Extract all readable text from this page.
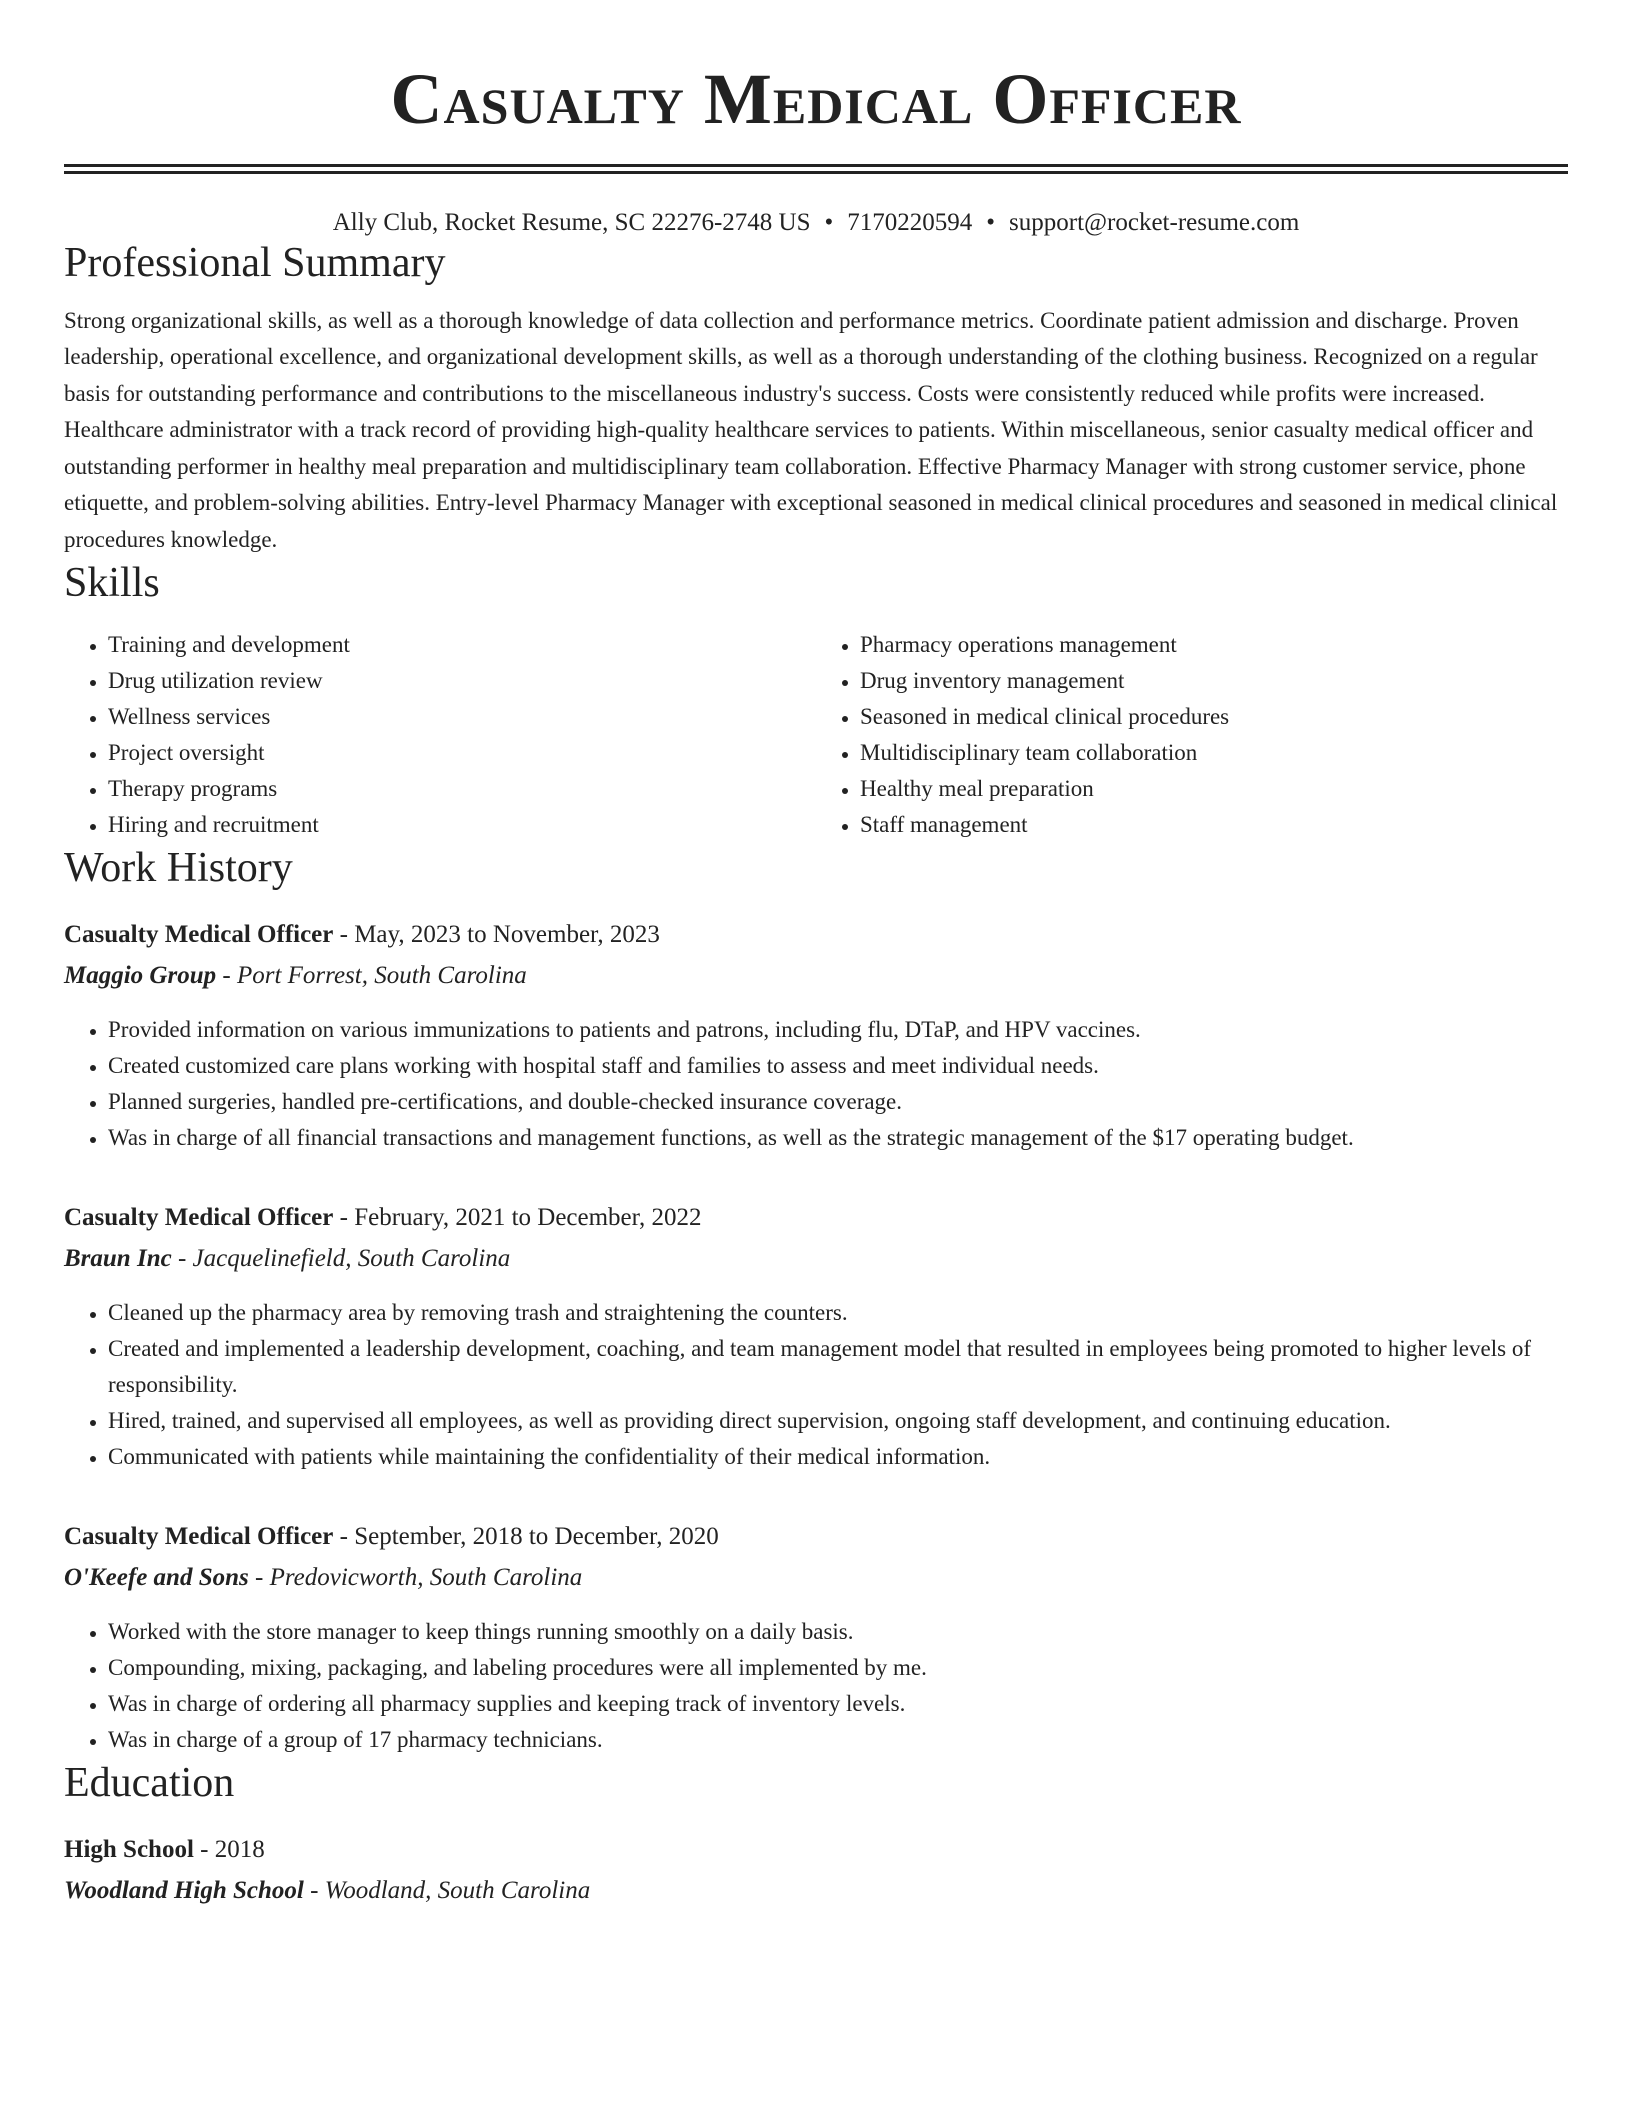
Casualty Medical Officer
Ally Club, Rocket Resume, SC 22276-2748 US • 7170220594 • support@rocket-resume.com
Professional Summary
Strong organizational skills, as well as a thorough knowledge of data collection and performance metrics. Coordinate patient admission and discharge. Proven leadership, operational excellence, and organizational development skills, as well as a thorough understanding of the clothing business. Recognized on a regular basis for outstanding performance and contributions to the miscellaneous industry's success. Costs were consistently reduced while profits were increased. Healthcare administrator with a track record of providing high-quality healthcare services to patients. Within miscellaneous, senior casualty medical officer and outstanding performer in healthy meal preparation and multidisciplinary team collaboration. Effective Pharmacy Manager with strong customer service, phone etiquette, and problem-solving abilities. Entry-level Pharmacy Manager with exceptional seasoned in medical clinical procedures and seasoned in medical clinical procedures knowledge.
Skills
• Training and development
• Drug utilization review
• Wellness services
• Project oversight
• Therapy programs
• Hiring and recruitment
• Pharmacy operations management
• Drug inventory management
• Seasoned in medical clinical procedures
• Multidisciplinary team collaboration
• Healthy meal preparation
• Staff management
Work History
Casualty Medical Officer - May, 2023 to November, 2023
Maggio Group - Port Forrest, South Carolina
• Provided information on various immunizations to patients and patrons, including flu, DTaP, and HPV vaccines.
• Created customized care plans working with hospital staff and families to assess and meet individual needs.
• Planned surgeries, handled pre-certifications, and double-checked insurance coverage.
• Was in charge of all financial transactions and management functions, as well as the strategic management of the $17 operating budget.
Casualty Medical Officer - February, 2021 to December, 2022
Braun Inc - Jacquelinefield, South Carolina
• Cleaned up the pharmacy area by removing trash and straightening the counters.
• Created and implemented a leadership development, coaching, and team management model that resulted in employees being promoted to higher levels of responsibility.
• Hired, trained, and supervised all employees, as well as providing direct supervision, ongoing staff development, and continuing education.
• Communicated with patients while maintaining the confidentiality of their medical information.
Casualty Medical Officer - September, 2018 to December, 2020
O'Keefe and Sons - Predovicworth, South Carolina
• Worked with the store manager to keep things running smoothly on a daily basis.
• Compounding, mixing, packaging, and labeling procedures were all implemented by me.
• Was in charge of ordering all pharmacy supplies and keeping track of inventory levels.
• Was in charge of a group of 17 pharmacy technicians.
Education
High School - 2018
Woodland High School - Woodland, South Carolina
